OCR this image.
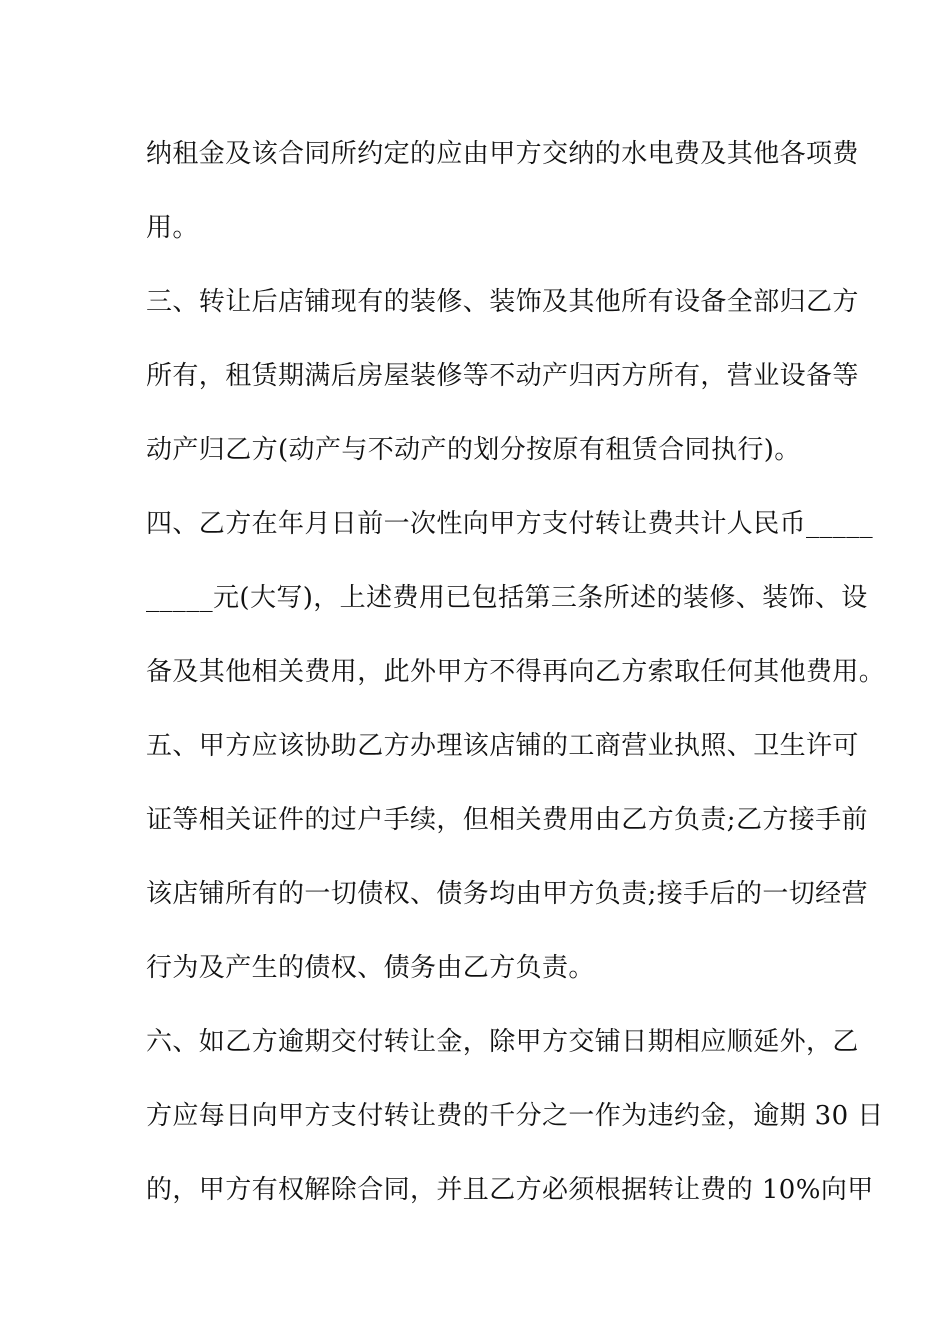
纳租金及该合同所约定的应由甲方交纳的水电费及其他各项费
用。
三、转让后店铺现有的装修、装饰及其他所有设备全部归乙方
所有，租赁期满后房屋装修等不动产归丙方所有，营业设备等
动产归乙方(动产与不动产的划分按原有租赁合同执行)。
四、乙方在年月日前一次性向甲方支付转让费共计人民币_____
_____元(大写)，上述费用已包括第三条所述的装修、装饰、设
备及其他相关费用，此外甲方不得再向乙方索取任何其他费用。
五、甲方应该协助乙方办理该店铺的工商营业执照、卫生许可
证等相关证件的过户手续，但相关费用由乙方负责;乙方接手前
该店铺所有的一切债权、债务均由甲方负责;接手后的一切经营
行为及产生的债权、债务由乙方负责。
六、如乙方逾期交付转让金，除甲方交铺日期相应顺延外，乙
方应每日向甲方支付转让费的千分之一作为违约金，逾期 30 日
的，甲方有权解除合同，并且乙方必须根据转让费的 10%向甲
